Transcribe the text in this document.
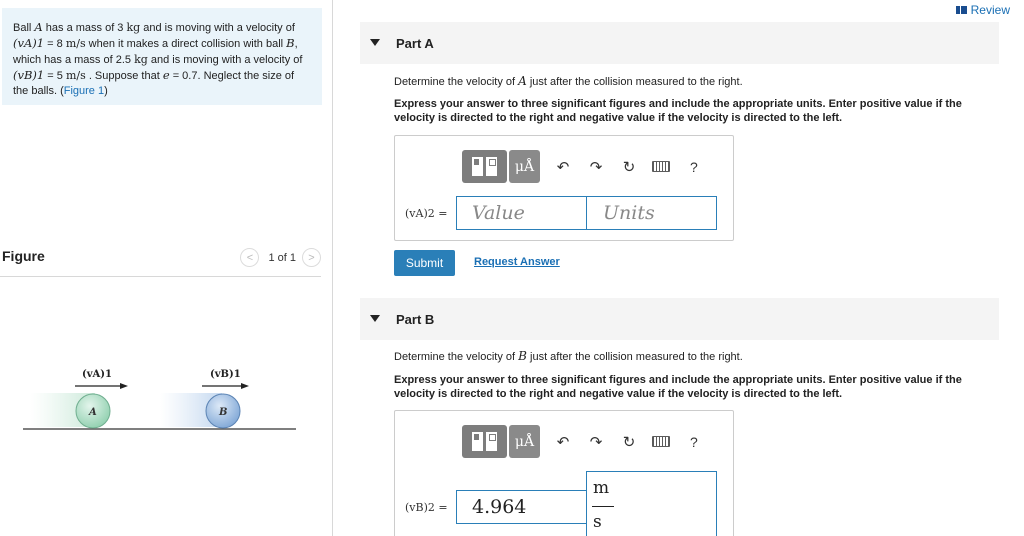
Ball A has a mass of 3 kg and is moving with a velocity of (vA)1 = 8 m/s when it makes a direct collision with ball B, which has a mass of 2.5 kg and is moving with a velocity of (vB)1 = 5 m/s . Suppose that e = 0.7. Neglect the size of the balls. (Figure 1)
Figure	<	1 of 1	>
(vA)1	(vB)1
A	B
Review
Part A
Determine the velocity of A just after the collision measured to the right.
Express your answer to three significant figures and include the appropriate units. Enter positive value if the velocity is directed to the right and negative value if the velocity is directed to the left.
μÅ	↶ ↷ ↻	?
(vA)2 =
Value
Units
Submit	Request Answer
Part B
Determine the velocity of B just after the collision measured to the right.
Express your answer to three significant figures and include the appropriate units. Enter positive value if the velocity is directed to the right and negative value if the velocity is directed to the left.
μÅ	↶ ↷ ↻	?
(vB)2 =
4.964
m
s
